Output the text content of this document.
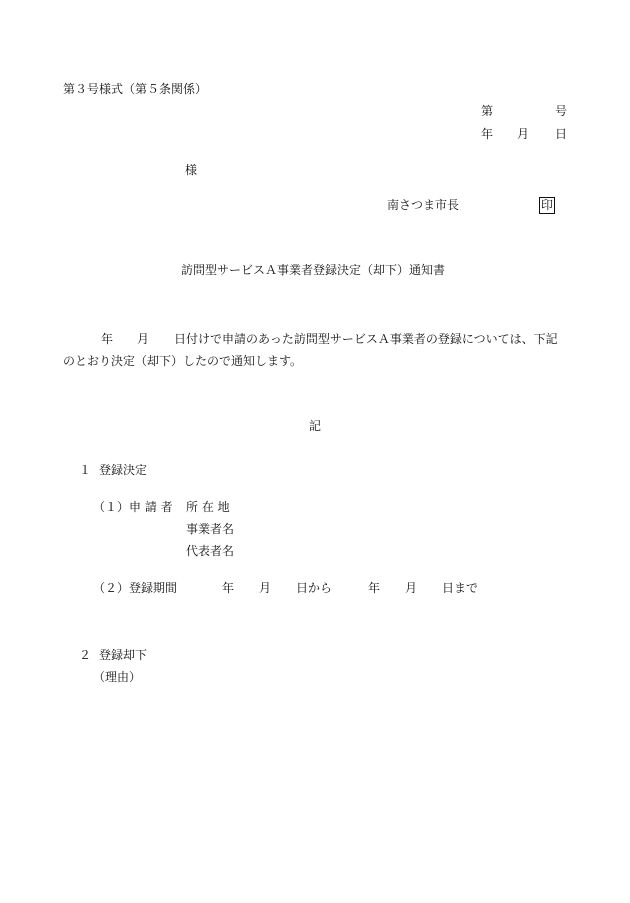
第３号様式（第５条関係）
第	号
年 月 日
様
南さつま市長	印
訪問型サービスＡ事業者登録決定（却下）通知書
年 月 日付けで申請のあった訪問型サービスＡ事業者の登録については、下記
のとおり決定（却下）したので通知します。
記
１ 登録決定
（１）申 請 者 所 在 地
事業者名
代表者名
（２）登録期間	年 月 日から	年 月 日まで
２ 登録却下
（理由）
